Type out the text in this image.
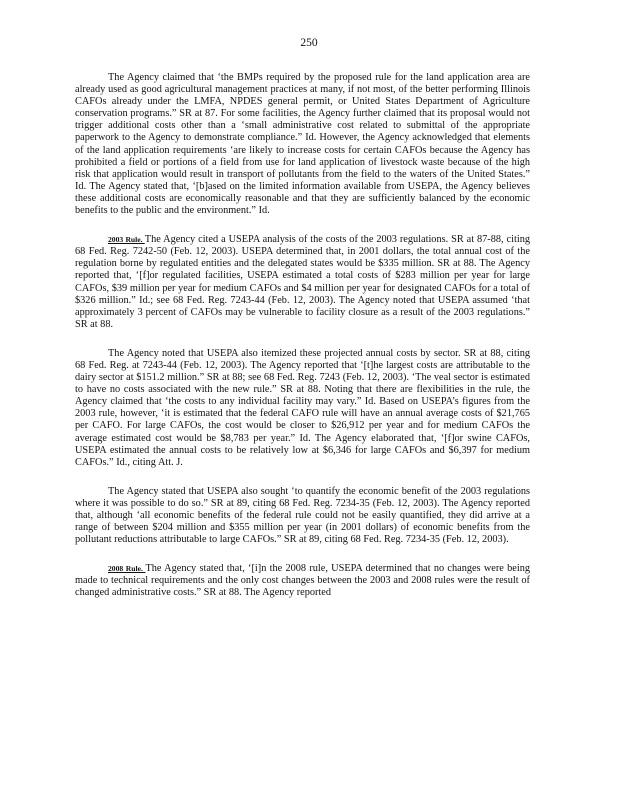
250

The Agency claimed that ‘the BMPs required by the proposed rule for the land application area are already used as good agricultural management practices at many, if not most, of the better performing Illinois CAFOs already under the LMFA, NPDES general permit, or United States Department of Agriculture conservation programs.” SR at 87. For some facilities, the Agency further claimed that its proposal would not trigger additional costs other than a ‘small administrative cost related to submittal of the appropriate paperwork to the Agency to demonstrate compliance.” Id. However, the Agency acknowledged that elements of the land application requirements ‘are likely to increase costs for certain CAFOs because the Agency has prohibited a field or portions of a field from use for land application of livestock waste because of the high risk that application would result in transport of pollutants from the field to the waters of the United States.” Id. The Agency stated that, ‘[b]ased on the limited information available from USEPA, the Agency believes these additional costs are economically reasonable and that they are sufficiently balanced by the economic benefits to the public and the environment.” Id.

2003 Rule. The Agency cited a USEPA analysis of the costs of the 2003 regulations. SR at 87-88, citing 68 Fed. Reg. 7242-50 (Feb. 12, 2003). USEPA determined that, in 2001 dollars, the total annual cost of the regulation borne by regulated entities and the delegated states would be $335 million. SR at 88. The Agency reported that, ‘[f]or regulated facilities, USEPA estimated a total costs of $283 million per year for large CAFOs, $39 million per year for medium CAFOs and $4 million per year for designated CAFOs for a total of $326 million.” Id.; see 68 Fed. Reg. 7243-44 (Feb. 12, 2003). The Agency noted that USEPA assumed ‘that approximately 3 percent of CAFOs may be vulnerable to facility closure as a result of the 2003 regulations.” SR at 88.

The Agency noted that USEPA also itemized these projected annual costs by sector. SR at 88, citing 68 Fed. Reg. at 7243-44 (Feb. 12, 2003). The Agency reported that ‘[t]he largest costs are attributable to the dairy sector at $151.2 million.” SR at 88; see 68 Fed. Reg. 7243 (Feb. 12, 2003). ‘The veal sector is estimated to have no costs associated with the new rule.” SR at 88. Noting that there are flexibilities in the rule, the Agency claimed that ‘the costs to any individual facility may vary.” Id. Based on USEPA’s figures from the 2003 rule, however, ‘it is estimated that the federal CAFO rule will have an annual average costs of $21,765 per CAFO. For large CAFOs, the cost would be closer to $26,912 per year and for medium CAFOs the average estimated cost would be $8,783 per year.” Id. The Agency elaborated that, ‘[f]or swine CAFOs, USEPA estimated the annual costs to be relatively low at $6,346 for large CAFOs and $6,397 for medium CAFOs.” Id., citing Att. J.

The Agency stated that USEPA also sought ‘to quantify the economic benefit of the 2003 regulations where it was possible to do so.” SR at 89, citing 68 Fed. Reg. 7234-35 (Feb. 12, 2003). The Agency reported that, although ‘all economic benefits of the federal rule could not be easily quantified, they did arrive at a range of between $204 million and $355 million per year (in 2001 dollars) of economic benefits from the pollutant reductions attributable to large CAFOs.” SR at 89, citing 68 Fed. Reg. 7234-35 (Feb. 12, 2003).

2008 Rule. The Agency stated that, ‘[i]n the 2008 rule, USEPA determined that no changes were being made to technical requirements and the only cost changes between the 2003 and 2008 rules were the result of changed administrative costs.” SR at 88. The Agency reported
